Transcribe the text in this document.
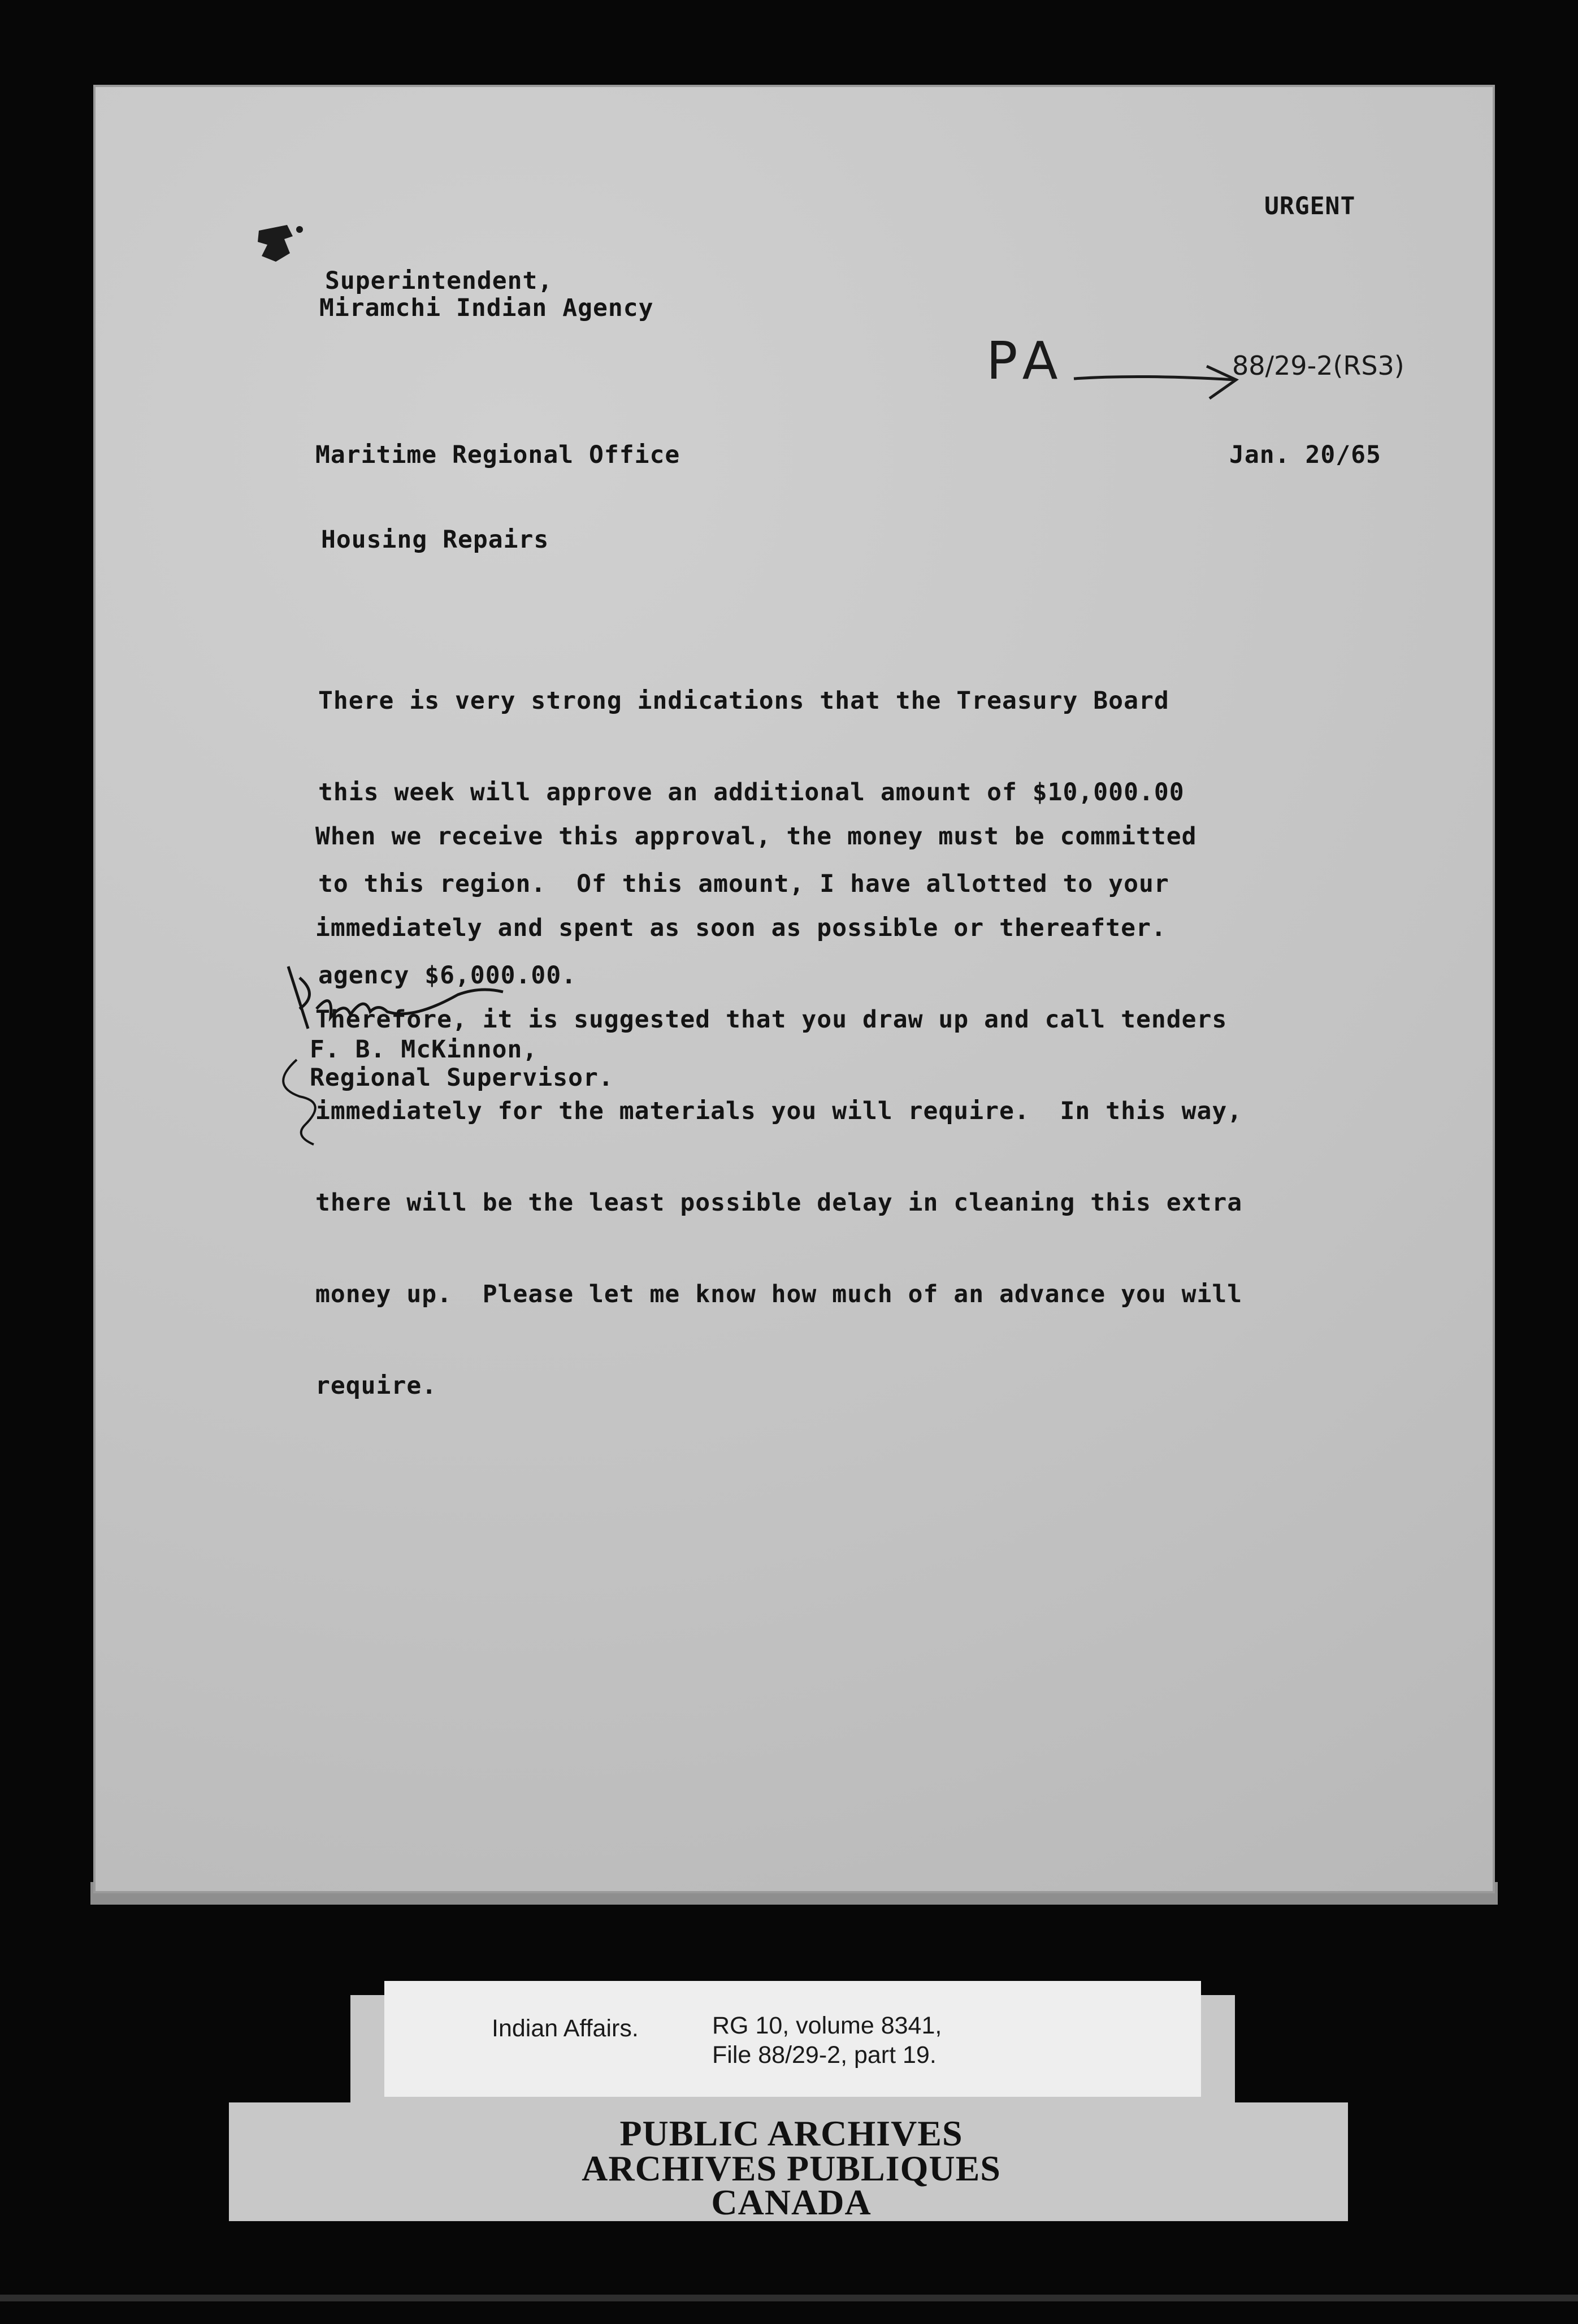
URGENT
Superintendent,
Miramchi Indian Agency
PA	88/29-2(RS3)
Maritime Regional Office	Jan. 20/65
Housing Repairs

There is very strong indications that the Treasury Board

this week will approve an additional amount of $10,000.00

to this region.  Of this amount, I have allotted to your

agency $6,000.00.

When we receive this approval, the money must be committed

immediately and spent as soon as possible or thereafter.

Therefore, it is suggested that you draw up and call tenders

immediately for the materials you will require.  In this way,

there will be the least possible delay in cleaning this extra

money up.  Please let me know how much of an advance you will

require.

F. B. McKinnon,
Regional Supervisor.
Indian Affairs.	RG 10, volume 8341,
File 88/29-2, part 19.
PUBLIC ARCHIVES
ARCHIVES PUBLIQUES
CANADA
